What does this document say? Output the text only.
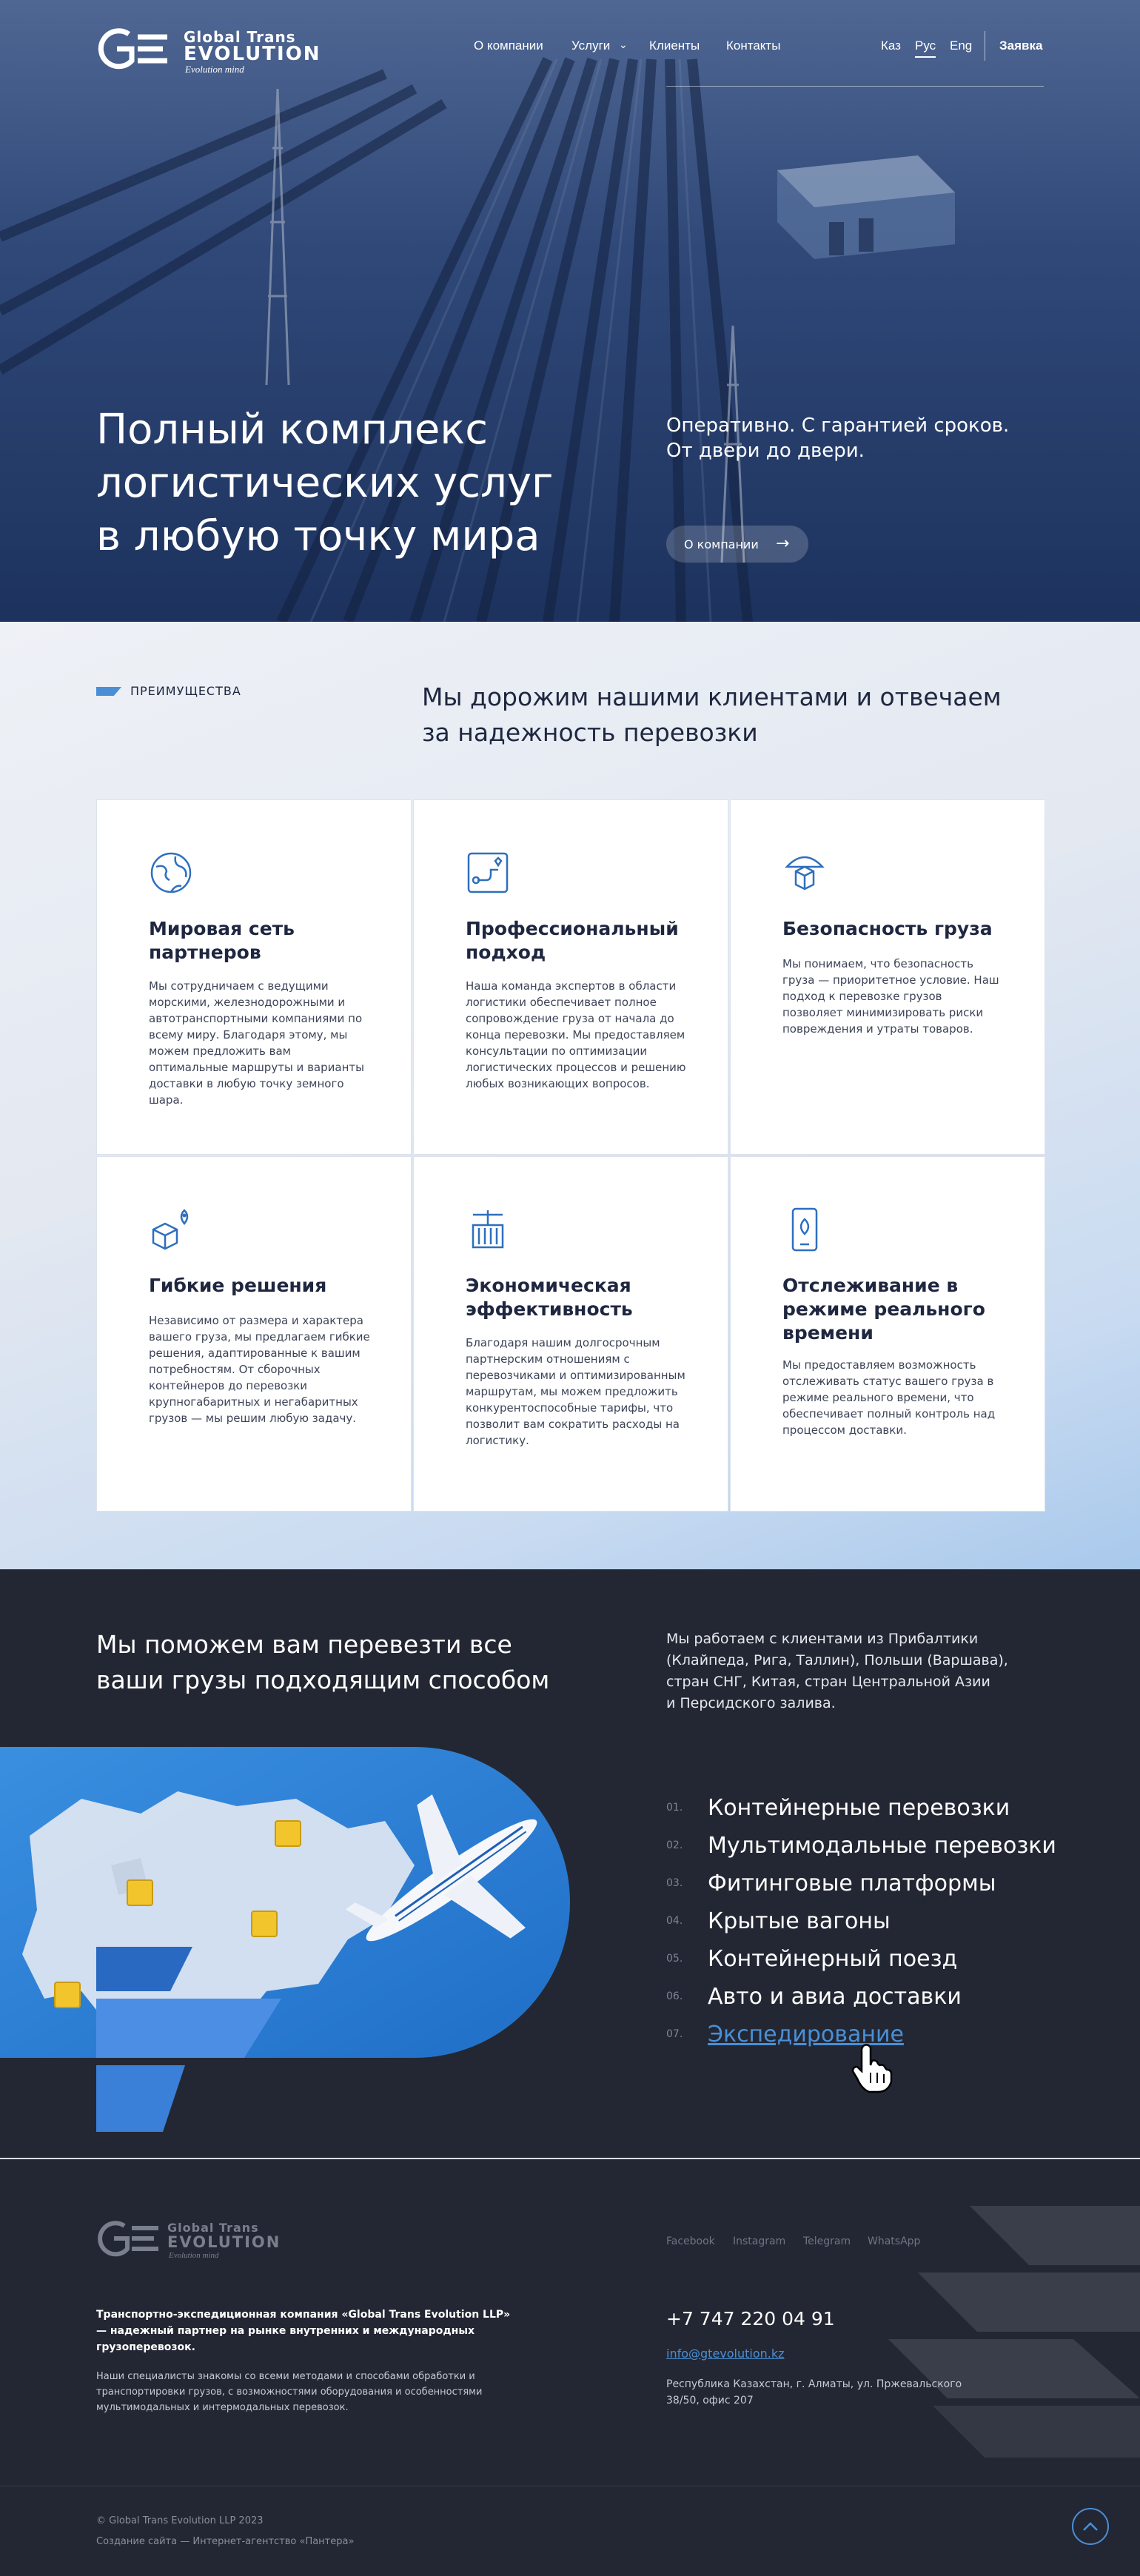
Global Trans
EVOLUTION
Evolution mind
О компании Услуги ⌄ Клиенты Контакты	Каз Рус Eng Заявка
Полный комплекс
логистических услуг
в любую точку мира
Оперативно. С гарантией сроков.
От двери до двери.
О компании →
ПРЕИМУЩЕСТВА	Мы дорожим нашими клиентами и отвечаем
за надежность перевозки
Мировая сеть партнеров

Мы сотрудничаем с ведущими морскими, железнодорожными и автотранспортными компаниями по всему миру. Благодаря этому, мы можем предложить вам оптимальные маршруты и варианты доставки в любую точку земного шара.

Профессиональный подход

Наша команда экспертов в области логистики обеспечивает полное сопровождение груза от начала до конца перевозки. Мы предоставляем консультации по оптимизации логистических процессов и решению любых возникающих вопросов.

Безопасность груза

Мы понимаем, что безопасность груза — приоритетное условие. Наш подход к перевозке грузов позволяет минимизировать риски повреждения и утраты товаров.

Гибкие решения

Независимо от размера и характера вашего груза, мы предлагаем гибкие решения, адаптированные к вашим потребностям. От сборочных контейнеров до перевозки крупногабаритных и негабаритных грузов — мы решим любую задачу.

Экономическая эффективность

Благодаря нашим долгосрочным партнерским отношениям с перевозчиками и оптимизированным маршрутам, мы можем предложить конкурентоспособные тарифы, что позволит вам сократить расходы на логистику.

Отслеживание в режиме реального времени

Мы предоставляем возможность отслеживать статус вашего груза в режиме реального времени, что обеспечивает полный контроль над процессом доставки.

Мы поможем вам перевезти все
ваши грузы подходящим способом
Мы работаем с клиентами из Прибалтики
(Клайпеда, Рига, Таллин), Польши (Варшава),
стран СНГ, Китая, стран Центральной Азии
и Персидского залива.
01.	Контейнерные перевозки
02.	Мультимодальные перевозки
03.	Фитинговые платформы
04.	Крытые вагоны
05.	Контейнерный поезд
06.	Авто и авиа доставки
07.	Экспедирование
Global Trans
EVOLUTION
Evolution mind
Facebook Instagram Telegram WhatsApp
Транспортно-экспедиционная компания «Global Trans Evolution LLP» — надежный партнер на рынке внутренних и международных грузоперевозок.
Наши специалисты знакомы со всеми методами и способами обработки и транспортировки грузов, с возможностями оборудования и особенностями мультимодальных и интермодальных перевозок.
+7 747 220 04 91
info@gtevolution.kz
Республика Казахстан, г. Алматы, ул. Пржевальского
38/50, офис 207
© Global Trans Evolution LLP 2023
Создание сайта — Интернет-агентство «Пантера»
